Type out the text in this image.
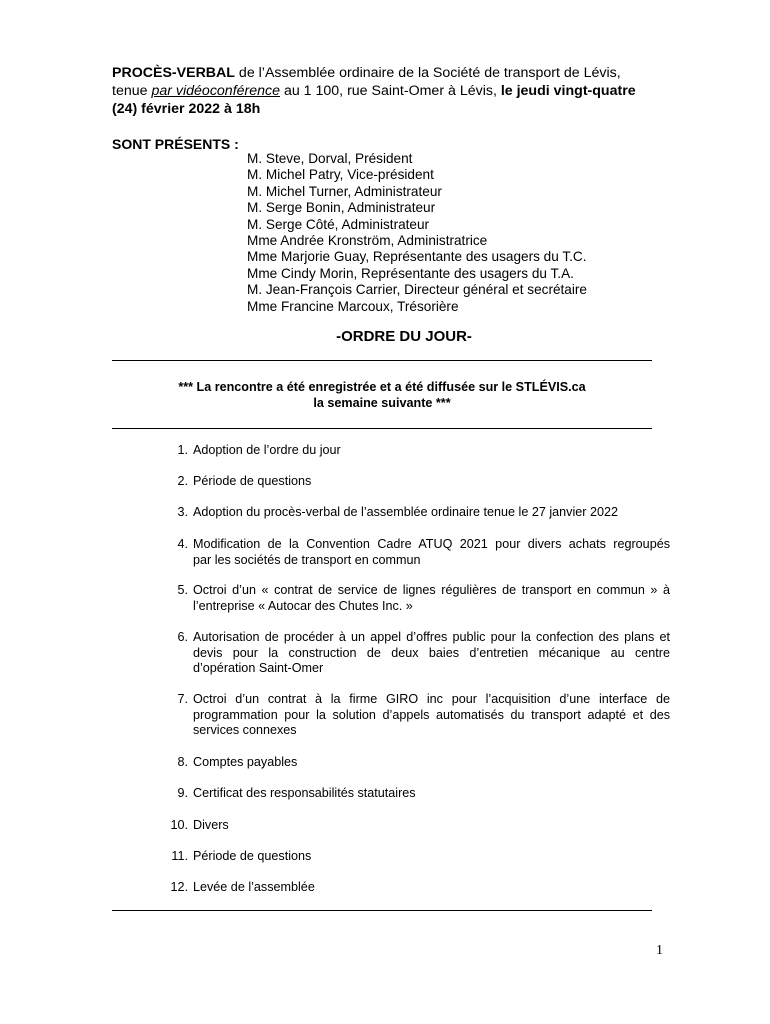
PROCÈS-VERBAL de l’Assemblée ordinaire de la Société de transport de Lévis,
tenue par vidéoconférence au 1 100, rue Saint-Omer à Lévis, le jeudi vingt-quatre
(24) février 2022 à 18h
SONT PRÉSENTS :
M. Steve, Dorval, Président
M. Michel Patry, Vice-président
M. Michel Turner, Administrateur
M. Serge Bonin, Administrateur
M. Serge Côté, Administrateur
Mme Andrée Kronström, Administratrice
Mme Marjorie Guay, Représentante des usagers du T.C.
Mme Cindy Morin, Représentante des usagers du T.A.
M. Jean-François Carrier, Directeur général et secrétaire
Mme Francine Marcoux, Trésorière
-ORDRE DU JOUR-
*** La rencontre a été enregistrée et a été diffusée sur le STLÉVIS.ca
la semaine suivante ***
1. Adoption de l’ordre du jour
2. Période de questions
3. Adoption du procès-verbal de l’assemblée ordinaire tenue le 27 janvier 2022
4. Modification de la Convention Cadre ATUQ 2021 pour divers achats regroupés
par les sociétés de transport en commun
5. Octroi d’un « contrat de service de lignes régulières de transport en commun » à
l’entreprise « Autocar des Chutes Inc. »
6. Autorisation de procéder à un appel d’offres public pour la confection des plans et
devis pour la construction de deux baies d’entretien mécanique au centre
d’opération Saint-Omer
7. Octroi d’un contrat à la firme GIRO inc pour l’acquisition d’une interface de
programmation pour la solution d’appels automatisés du transport adapté et des
services connexes
8. Comptes payables
9. Certificat des responsabilités statutaires
10. Divers
11. Période de questions
12. Levée de l’assemblée
1
